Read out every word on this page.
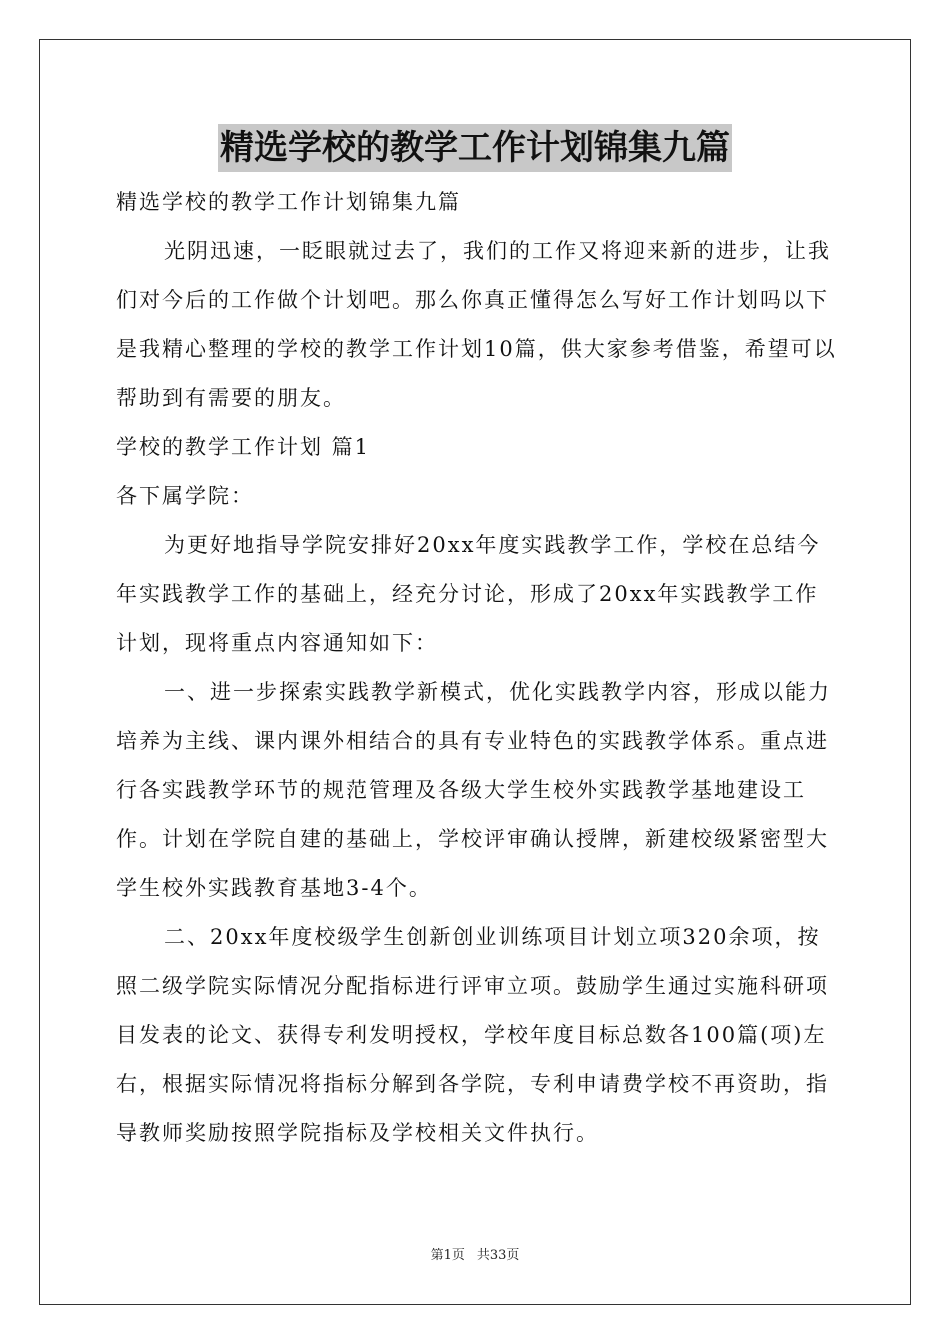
精选学校的教学工作计划锦集九篇

精选学校的教学工作计划锦集九篇

光阴迅速，一眨眼就过去了，我们的工作又将迎来新的进步，让我们对今后的工作做个计划吧。那么你真正懂得怎么写好工作计划吗以下是我精心整理的学校的教学工作计划10篇，供大家参考借鉴，希望可以帮助到有需要的朋友。

学校的教学工作计划 篇1

各下属学院：

为更好地指导学院安排好20xx年度实践教学工作，学校在总结今年实践教学工作的基础上，经充分讨论，形成了20xx年实践教学工作计划，现将重点内容通知如下：

一、进一步探索实践教学新模式，优化实践教学内容，形成以能力培养为主线、课内课外相结合的具有专业特色的实践教学体系。重点进行各实践教学环节的规范管理及各级大学生校外实践教学基地建设工作。计划在学院自建的基础上，学校评审确认授牌，新建校级紧密型大学生校外实践教育基地3-4个。

二、20xx年度校级学生创新创业训练项目计划立项320余项，按照二级学院实际情况分配指标进行评审立项。鼓励学生通过实施科研项目发表的论文、获得专利发明授权，学校年度目标总数各100篇(项)左右，根据实际情况将指标分解到各学院，专利申请费学校不再资助，指导教师奖励按照学院指标及学校相关文件执行。

第1页 共33页
